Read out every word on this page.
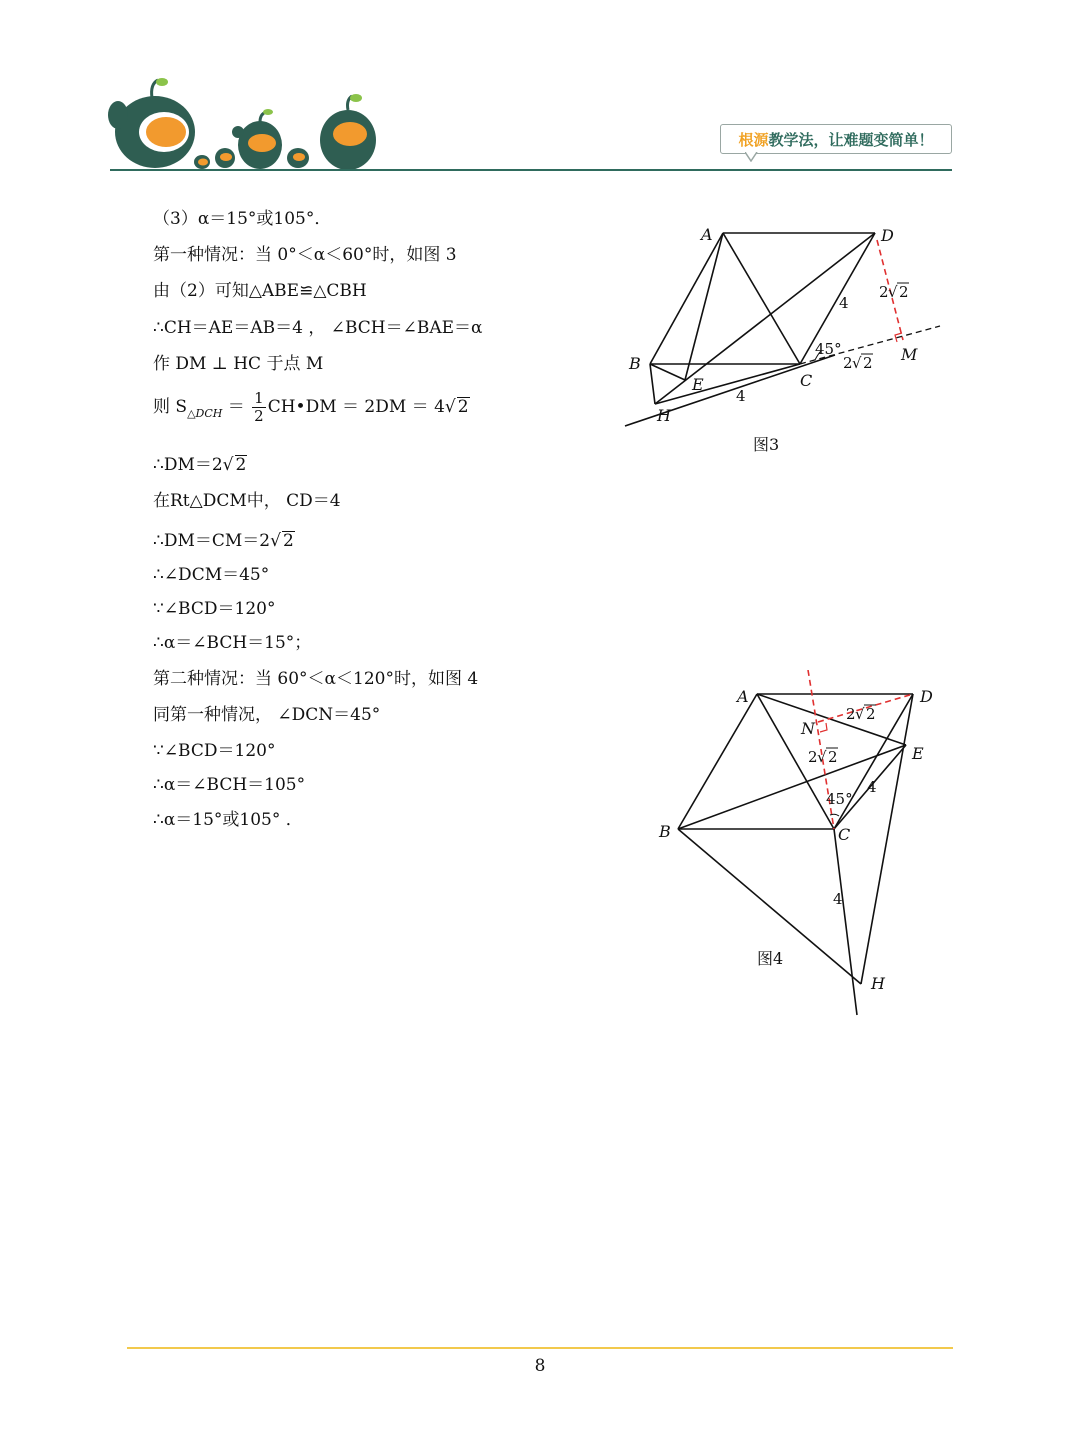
根源教学法，让难题变简单！
（3）α＝15°或105°．
第一种情况：当 0°＜α＜60°时，如图 3
由（2）可知△ABE≌△CBH
∴CH＝AE＝AB＝4 ， ∠BCH＝∠BAE＝α
作 DM ⊥ HC 于点 M
则 $S_{\triangle DCH} = \frac{1}{2}$ CH•DM ＝ 2DM ＝ 4√ 2
∴DM＝2√ 2
在Rt△DCM中， CD＝4
∴DM＝CM＝2√ 2
∴∠DCM＝45°
∵∠BCD＝120°
∴α＝∠BCH＝15°；
第二种情况：当 60°＜α＜120°时，如图 4
同第一种情况， ∠DCN＝45°
∵∠BCD＝120°
∴α＝∠BCH＝105°
∴α＝15°或105° ．
A	D
B
E	C
H
M
4
4
45°
2 √ 2
2 √ 2
图3
A	D
N
E
B	C
H
2 √ 2
2 √ 2
45°
4
4
图4
8
